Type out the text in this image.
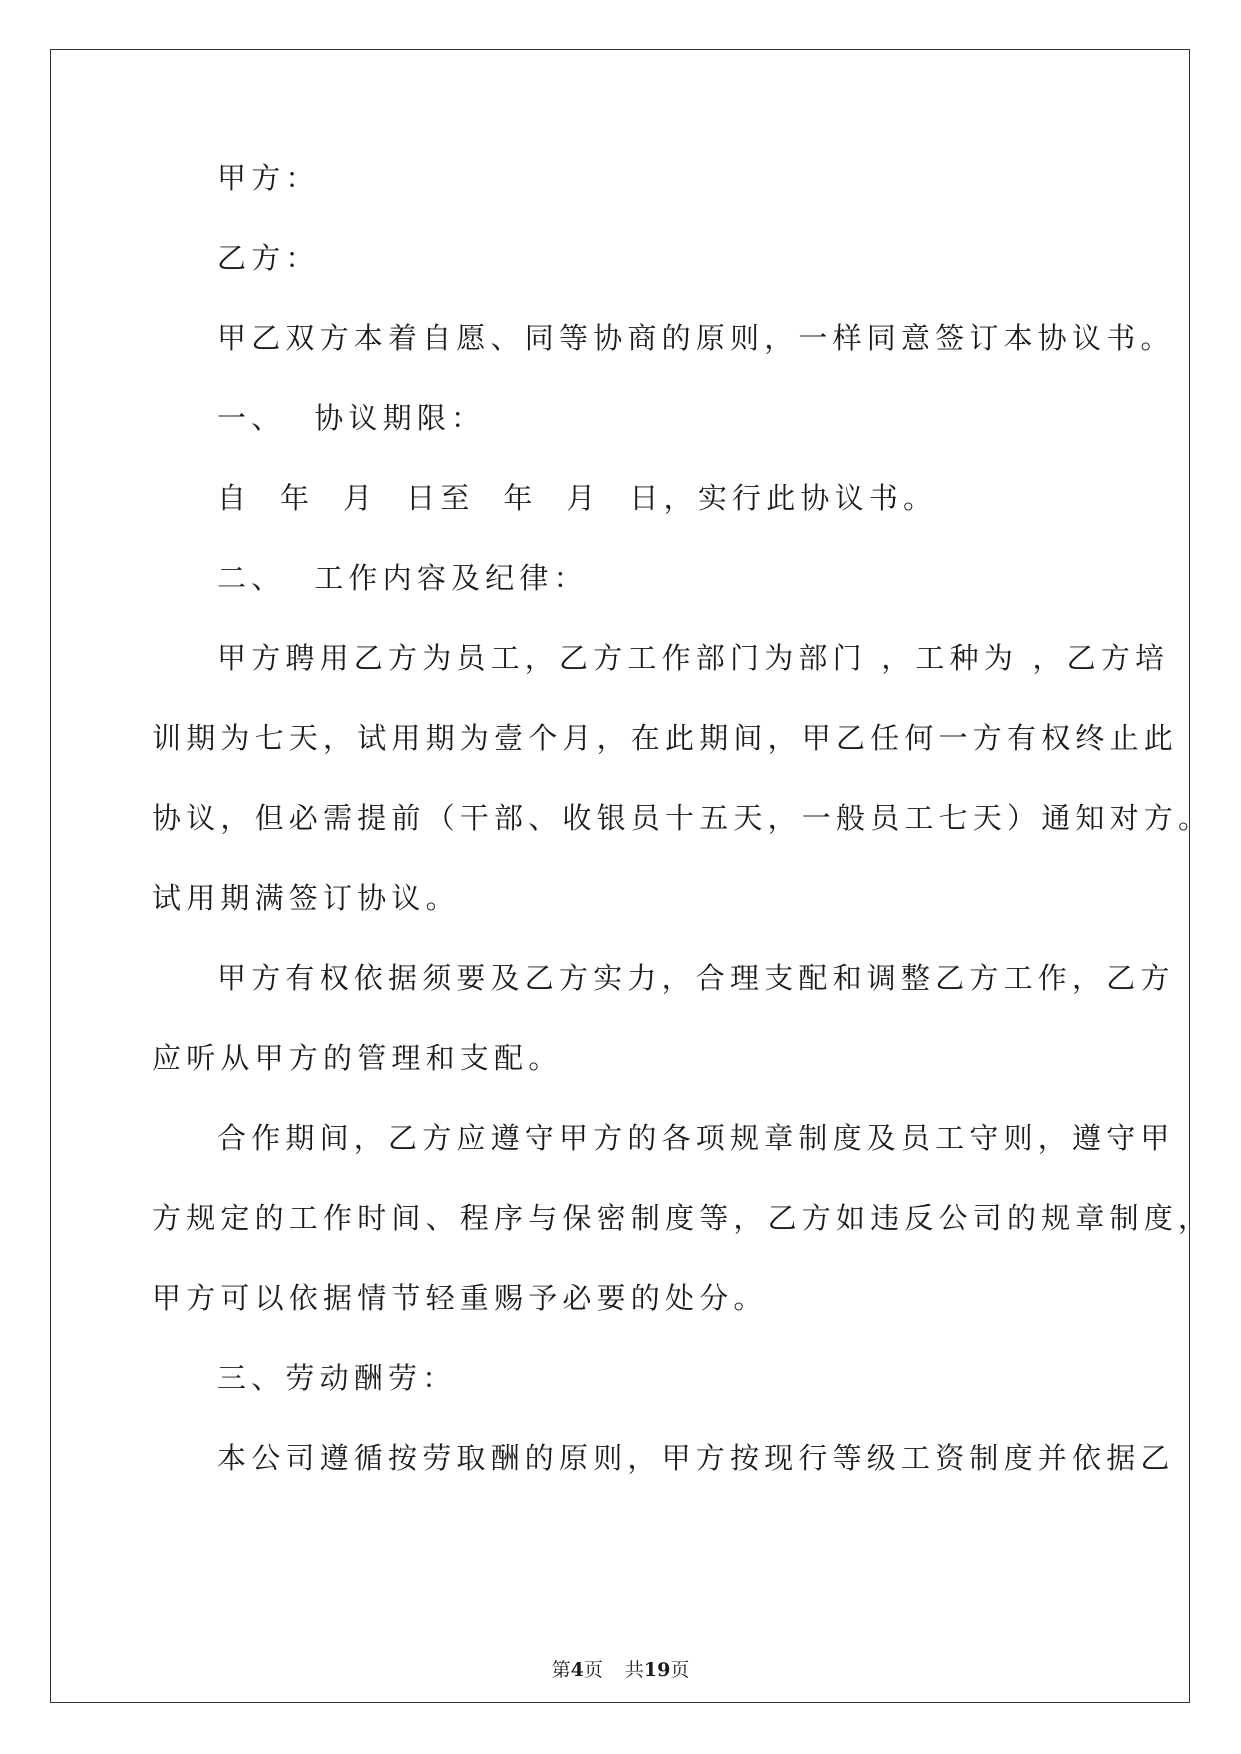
甲方：

乙方：

甲乙双方本着自愿、同等协商的原则，一样同意签订本协议书。

一、  协议期限：

自  年  月  日至  年  月  日，实行此协议书。

二、  工作内容及纪律：

甲方聘用乙方为员工，乙方工作部门为部门 ，工种为 ，乙方培

训期为七天，试用期为壹个月，在此期间，甲乙任何一方有权终止此

协议，但必需提前（干部、收银员十五天，一般员工七天）通知对方。

试用期满签订协议。

甲方有权依据须要及乙方实力，合理支配和调整乙方工作，乙方

应听从甲方的管理和支配。

合作期间，乙方应遵守甲方的各项规章制度及员工守则，遵守甲

方规定的工作时间、程序与保密制度等，乙方如违反公司的规章制度，

甲方可以依据情节轻重赐予必要的处分。

三、劳动酬劳：

本公司遵循按劳取酬的原则，甲方按现行等级工资制度并依据乙

第4页 共19页
